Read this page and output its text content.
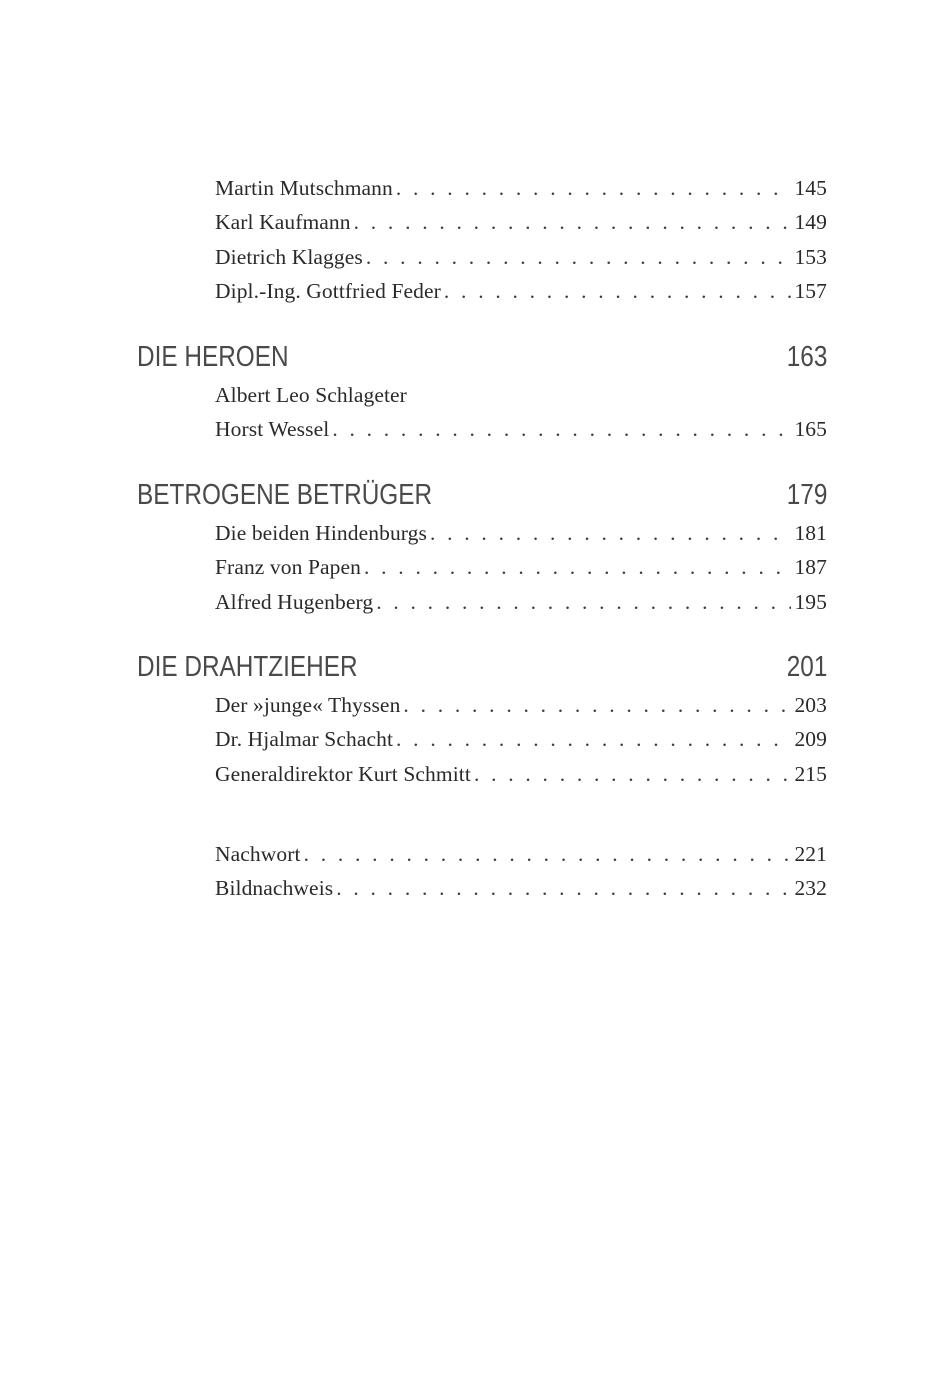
Martin Mutschmann . . .	145
Karl Kaufmann . . .	149
Dietrich Klagges . . .	153
Dipl.-Ing. Gottfried Feder . . .	157
DIE HEROEN	163
Albert Leo Schlageter
Horst Wessel . . .	165
BETROGENE BETRÜGER	179
Die beiden Hindenburgs . . .	181
Franz von Papen . . .	187
Alfred Hugenberg . . .	195
DIE DRAHTZIEHER	201
Der »junge« Thyssen . . .	203
Dr. Hjalmar Schacht . . .	209
Generaldirektor Kurt Schmitt . . .	215
Nachwort . . .	221
Bildnachweis . . .	232
